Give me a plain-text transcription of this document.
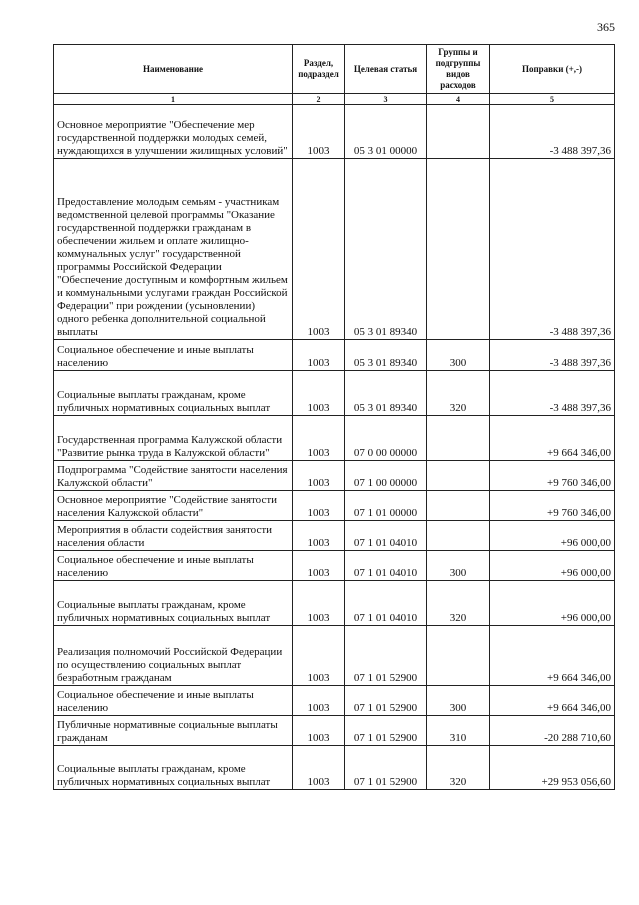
365
Наименование	Раздел, подраздел	Целевая статья	Группы и подгруппы видов расходов	Поправки (+,-)
1	2	3	4	5
Основное мероприятие "Обеспечение мер государственной поддержки молодых семей, нуждающихся в улучшении жилищных условий"	1003	05 3 01 00000		-3 488 397,36
Предоставление молодым семьям - участникам ведомственной целевой программы "Оказание государственной поддержки гражданам в обеспечении жильем и оплате жилищно-коммунальных услуг" государственной программы Российской Федерации "Обеспечение доступным и комфортным жильем и коммунальными услугами граждан Российской Федерации" при рождении (усыновлении) одного ребенка дополнительной социальной выплаты	1003	05 3 01 89340		-3 488 397,36
Социальное обеспечение и иные выплаты населению	1003	05 3 01 89340	300	-3 488 397,36
Социальные выплаты гражданам, кроме публичных нормативных социальных выплат	1003	05 3 01 89340	320	-3 488 397,36
Государственная программа Калужской области "Развитие рынка труда в Калужской области"	1003	07 0 00 00000		+9 664 346,00
Подпрограмма "Содействие занятости населения Калужской области"	1003	07 1 00 00000		+9 760 346,00
Основное мероприятие "Содействие занятости населения Калужской области"	1003	07 1 01 00000		+9 760 346,00
Мероприятия в области содействия занятости населения области	1003	07 1 01 04010		+96 000,00
Социальное обеспечение и иные выплаты населению	1003	07 1 01 04010	300	+96 000,00
Социальные выплаты гражданам, кроме публичных нормативных социальных выплат	1003	07 1 01 04010	320	+96 000,00
Реализация полномочий Российской Федерации по осуществлению социальных выплат безработным гражданам	1003	07 1 01 52900		+9 664 346,00
Социальное обеспечение и иные выплаты населению	1003	07 1 01 52900	300	+9 664 346,00
Публичные нормативные социальные выплаты гражданам	1003	07 1 01 52900	310	-20 288 710,60
Социальные выплаты гражданам, кроме публичных нормативных социальных выплат	1003	07 1 01 52900	320	+29 953 056,60
